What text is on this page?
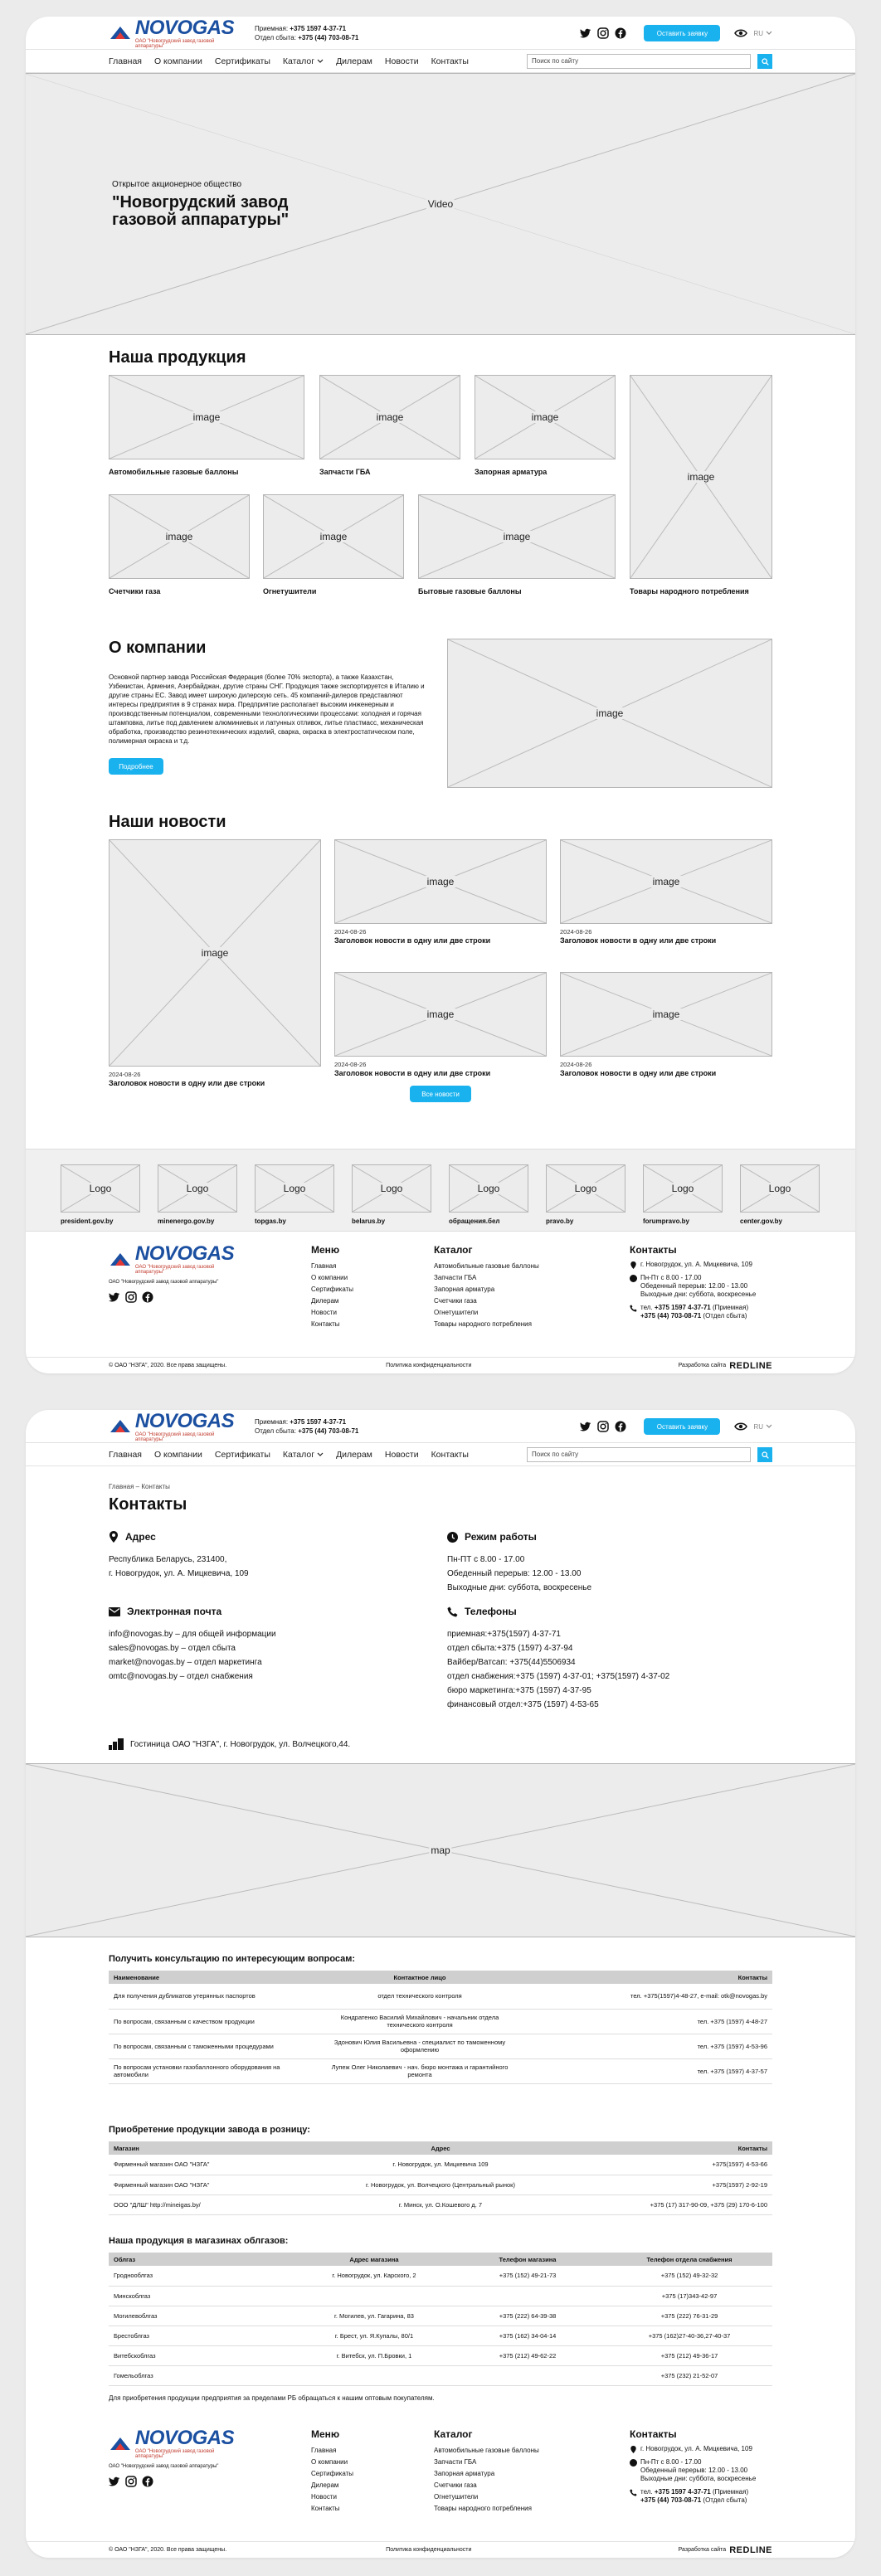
NOVOGAS
ОАО "Новогрудский завод газовой аппаратуры"
Приемная: +375 1597 4-37-71
Отдел сбыта: +375 (44) 703-08-71
Оставить заявку	RU
Главная О компании Сертификаты Каталог Дилерам Новости Контакты	Поиск по сайту
Video
Открытое акционерное общество
"Новогрудский завод
газовой аппаратуры"
Наша продукция
image
Автомобильные газовые баллоны
image
Запчасти ГБА
image
Запорная арматура	image
Товары народного потребления
image
Счетчики газа
image
Огнетушители
image
Бытовые газовые баллоны
О компании

Основной партнер завода Российская Федерация (более 70% экспорта), а также Казахстан, Узбекистан, Армения, Азербайджан, другие страны СНГ. Продукция также экспортируется в Италию и другие страны ЕС. Завод имеет широкую дилерскую сеть. 45 компаний-дилеров представляют интересы предприятия в 9 странах мира. Предприятие располагает высоким инженерным и производственным потенциалом, современными технологическими процессами: холодная и горячая штамповка, литье под давлением алюминиевых и латунных отливок, литье пластмасс, механическая обработка, производство резинотехнических изделий, сварка, окраска в электростатическом поле, полимерная окраска и т.д.

Подробнее
image
Наши новости
Все новости
image
2024-08-26
Заголовок новости в одну или две строки
image
2024-08-26
Заголовок новости в одну или две строки
image
2024-08-26
Заголовок новости в одну или две строки
image
2024-08-26
Заголовок новости в одну или две строки
image
2024-08-26
Заголовок новости в одну или две строки
Logo
president.gov.by
Logo
minenergo.gov.by
Logo
topgas.by
Logo
belarus.by
Logo
обращения.бел
Logo
pravo.by
Logo
forumpravo.by
Logo
center.gov.by
NOVOGAS
ОАО "Новогрудский завод газовой аппаратуры"
ОАО "Новогрудский завод газовой аппаратуры"
Меню
Главная
О компании
Сертификаты
Дилерам
Новости
Контакты
Каталог
Автомобильные газовые баллоны
Запчасти ГБА
Запорная арматура
Счетчики газа
Огнетушители
Товары народного потребления
Контакты
г. Новогрудок, ул. А. Мицкевича, 109
Пн-Пт с 8.00 - 17.00
Обеденный перерыв: 12.00 - 13.00
Выходные дни: суббота, воскресенье
тел. +375 1597 4-37-71 (Приемная)
+375 (44) 703-08-71 (Отдел сбыта)
© ОАО "НЗГА", 2020. Все права защищены.	Политика конфиденциальности	Разработка сайта REDLINE
NOVOGAS
ОАО "Новогрудский завод газовой аппаратуры"
Приемная: +375 1597 4-37-71
Отдел сбыта: +375 (44) 703-08-71
Оставить заявку	RU
Главная О компании Сертификаты Каталог Дилерам Новости Контакты	Поиск по сайту
Главная – Контакты
Контакты
Адрес
Республика Беларусь, 231400,
г. Новогрудок, ул. А. Мицкевича, 109
Режим работы
Пн-ПТ с 8.00 - 17.00
Обеденный перерыв: 12.00 - 13.00
Выходные дни: суббота, воскресенье
Электронная почта
info@novogas.by – для общей информации
sales@novogas.by – отдел сбыта
market@novogas.by – отдел маркетинга
omtc@novogas.by – отдел снабжения
Телефоны
приемная:+375(1597) 4-37-71
отдел сбыта:+375 (1597) 4-37-94
Вайбер/Ватсап: +375(44)5506934
отдел снабжения:+375 (1597) 4-37-01; +375(1597) 4-37-02
бюро маркетинга:+375 (1597) 4-37-95
финансовый отдел:+375 (1597) 4-53-65
Гостиница ОАО "НЗГА", г. Новогрудок, ул. Волчецкого,44.
map
Получить консультацию по интересующим вопросам:
Наименование	Контактное лицо	Контакты
Для получения дубликатов утерянных паспортов	отдел технического контроля	тел. +375(1597)4-48-27, e-mail: otk@novogas.by
По вопросам, связанным с качеством продукции	Кондратенко Василий Михайлович - начальник отдела технического контроля	тел. +375 (1597) 4-48-27
По вопросам, связанным с таможенными процедурами	Здонович Юлия Васильевна - специалист по таможенному оформлению	тел. +375 (1597) 4-53-96
По вопросам установки газобаллонного оборудования на автомобили	Лупеж Олег Николаевич - нач. бюро монтажа и гарантийного ремонта	тел. +375 (1597) 4-37-57
Приобретение продукции завода в розницу:
Магазин	Адрес	Контакты
Фирменный магазин ОАО "НЗГА"	г. Новогрудок, ул. Мицкевича 109	+375(1597) 4-53-66
Фирменный магазин ОАО "НЗГА"	г. Новогрудок, ул. Волчецкого (Центральный рынок)	+375(1597) 2-92-19
ООО "ДЛШ" http://mineigas.by/	г. Минск, ул. О.Кошевого д. 7	+375 (17) 317-90-09, +375 (29) 170-6-100
Наша продукция в магазинах облгазов:
Облгаз	Адрес магазина	Телефон магазина	Телефон отдела снабжения
Гроднооблгаз	г. Новогрудок, ул. Карского, 2	+375 (152) 49-21-73	+375 (152) 49-32-32
Минскоблгаз			+375 (17)343-42-97
Могилевоблгаз	г. Могилев, ул. Гагарина, 83	+375 (222) 64-39-38	+375 (222) 76-31-29
Брестоблгаз	г. Брест, ул. Я.Купалы, 80/1	+375 (162) 34-04-14	+375 (162)27-40-36,27-40-37
Витебскоблгаз	г. Витебск, ул. П.Бровки, 1	+375 (212) 49-62-22	+375 (212) 49-36-17
Гомельоблгаз			+375 (232) 21-52-07
Для приобретения продукции предприятия за пределами РБ обращаться к нашим оптовым покупателям.
NOVOGAS
ОАО "Новогрудский завод газовой аппаратуры"
ОАО "Новогрудский завод газовой аппаратуры"
Меню
Главная
О компании
Сертификаты
Дилерам
Новости
Контакты
Каталог
Автомобильные газовые баллоны
Запчасти ГБА
Запорная арматура
Счетчики газа
Огнетушители
Товары народного потребления
Контакты
г. Новогрудок, ул. А. Мицкевича, 109
Пн-Пт с 8.00 - 17.00
Обеденный перерыв: 12.00 - 13.00
Выходные дни: суббота, воскресенье
тел. +375 1597 4-37-71 (Приемная)
+375 (44) 703-08-71 (Отдел сбыта)
© ОАО "НЗГА", 2020. Все права защищены.	Политика конфиденциальности	Разработка сайта REDLINE
